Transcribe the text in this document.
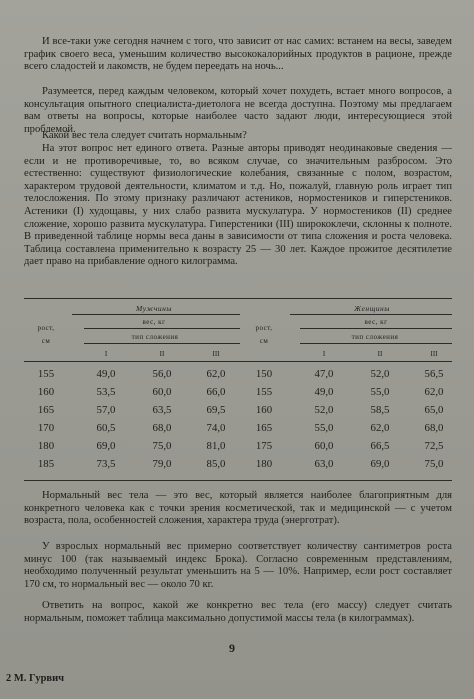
И все-таки уже сегодня начнем с того, что зависит от нас самих: встанем на весы, заведем график своего веса, уменьшим количество высококалорийных продуктов в рационе, прежде всего сладостей и лакомств, не будем переедать на ночь...

Разумеется, перед каждым человеком, который хочет похудеть, встает много вопросов, а консультация опытного специалиста-диетолога не всегда доступна. Поэтому мы предлагаем вам ответы на вопросы, которые наиболее часто задают люди, интересующиеся этой проблемой.

Какой вес тела следует считать нормальным?

На этот вопрос нет единого ответа. Разные авторы приводят неодинаковые сведения — если и не противоречивые, то, во всяком случае, со значительным разбросом. Это естественно: существуют физиологические колебания, связанные с полом, возрастом, характером трудовой деятельности, климатом и т.д. Но, пожалуй, главную роль играет тип телосложения. По этому признаку различают астеников, нормостеников и гиперстеников. Астеники (I) худощавы, у них слабо развита мускулатура. У нормостеников (II) среднее сложение, хорошо развита мускулатура. Гиперстеники (III) ширококлечи, склонны к полноте. В приведенной таблице нормы веса даны в зависимости от типа сложения и роста человека. Таблица составлена применительно к возрасту 25 — 30 лет. Каждое прожитое десятилетие дает право на прибавление одного килограмма.

Мужчины	Женщины
рост,
см
рост,
см
вес, кг	вес, кг
тип сложения	тип сложения
I	II	III	I	II	III
155	49,0	56,0	62,0	150	47,0	52,0	56,5
160	53,5	60,0	66,0	155	49,0	55,0	62,0
165	57,0	63,5	69,5	160	52,0	58,5	65,0
170	60,5	68,0	74,0	165	55,0	62,0	68,0
180	69,0	75,0	81,0	175	60,0	66,5	72,5
185	73,5	79,0	85,0	180	63,0	69,0	75,0

Нормальный вес тела — это вес, который является наиболее благоприятным для конкретного человека как с точки зрения косметической, так и медицинской — с учетом возраста, пола, особенностей сложения, характера труда (энерготрат).

У взрослых нормальный вес примерно соответствует количеству сантиметров роста минус 100 (так называемый индекс Брока). Согласно современным представлениям, необходимо полученный результат уменьшить на 5 — 10%. Например, если рост составляет 170 см, то нормальный вес — около 70 кг.

Ответить на вопрос, какой же конкретно вес тела (его массу) следует считать нормальным, поможет таблица максимально допустимой массы тела (в килограммах).

9
2 М. Гурвич
